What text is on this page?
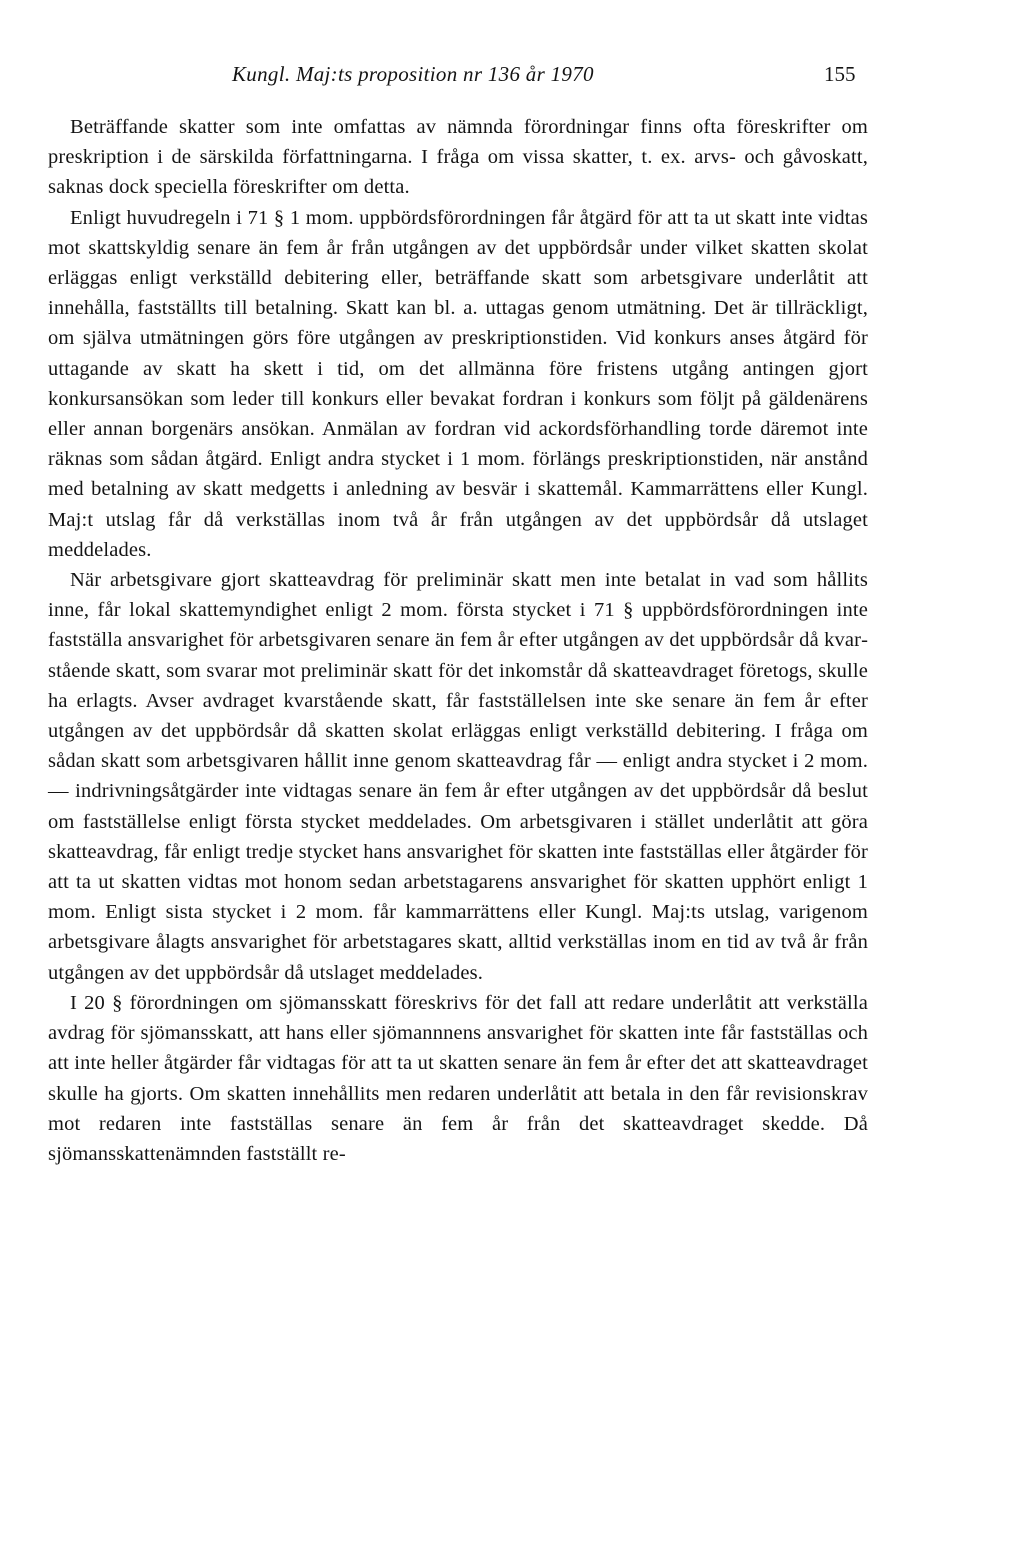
Kungl. Maj:ts proposition nr 136 år 1970	155

Beträffande skatter som inte omfattas av nämnda förordningar finns ofta föreskrifter om preskription i de särskilda författningarna. I fråga om vissa skatter, t. ex. arvs- och gåvoskatt, saknas dock speciella föreskrifter om detta.

Enligt huvudregeln i 71 § 1 mom. uppbördsförordningen får åtgärd för att ta ut skatt inte vidtas mot skattskyldig senare än fem år från utgången av det uppbördsår under vilket skatten skolat erläggas enligt verkställd debitering eller, beträffande skatt som arbetsgivare underlåtit att innehålla, fastställts till betalning. Skatt kan bl. a. uttagas genom utmätning. Det är tillräckligt, om själva utmätningen görs före utgången av preskriptionstiden. Vid konkurs anses åtgärd för uttagande av skatt ha skett i tid, om det allmänna före fristens utgång antingen gjort konkursansökan som leder till konkurs eller bevakat fordran i konkurs som följt på gäldenärens eller annan borgenärs ansökan. Anmälan av fordran vid ackordsförhandling torde däremot inte räknas som sådan åtgärd. Enligt andra stycket i 1 mom. förlängs preskriptionstiden, när anstånd med betalning av skatt medgetts i anledning av besvär i skattemål. Kammarrättens eller Kungl. Maj:t utslag får då verkställas inom två år från utgången av det uppbördsår då utslaget meddelades.

När arbetsgivare gjort skatteavdrag för preliminär skatt men inte betalat in vad som hållits inne, får lokal skattemyndighet enligt 2 mom. första stycket i 71 § uppbördsförordningen inte fastställa ansvarighet för arbetsgivaren senare än fem år efter utgången av det uppbördsår då kvarstående skatt, som svarar mot preliminär skatt för det inkomstår då skatteavdraget företogs, skulle ha erlagts. Avser avdraget kvarstående skatt, får fastställelsen inte ske senare än fem år efter utgången av det uppbördsår då skatten skolat erläggas enligt verkställd debitering. I fråga om sådan skatt som arbetsgivaren hållit inne genom skatteavdrag får — enligt andra stycket i 2 mom. — indrivningsåtgärder inte vidtagas senare än fem år efter utgången av det uppbördsår då beslut om fastställelse enligt första stycket meddelades. Om arbetsgivaren i stället underlåtit att göra skatteavdrag, får enligt tredje stycket hans ansvarighet för skatten inte fastställas eller åtgärder för att ta ut skatten vidtas mot honom sedan arbetstagarens ansvarighet för skatten upphört enligt 1 mom. Enligt sista stycket i 2 mom. får kammarrättens eller Kungl. Maj:ts utslag, varigenom arbetsgivare ålagts ansvarighet för arbetstagares skatt, alltid verkställas inom en tid av två år från utgången av det uppbördsår då utslaget meddelades.

I 20 § förordningen om sjömansskatt föreskrivs för det fall att redare underlåtit att verkställa avdrag för sjömansskatt, att hans eller sjömannnens ansvarighet för skatten inte får fastställas och att inte heller åtgärder får vidtagas för att ta ut skatten senare än fem år efter det att skatteavdraget skulle ha gjorts. Om skatten innehållits men redaren underlåtit att betala in den får revisionskrav mot redaren inte fastställas senare än fem år från det skatteavdraget skedde. Då sjömansskattenämnden fastställt re-
